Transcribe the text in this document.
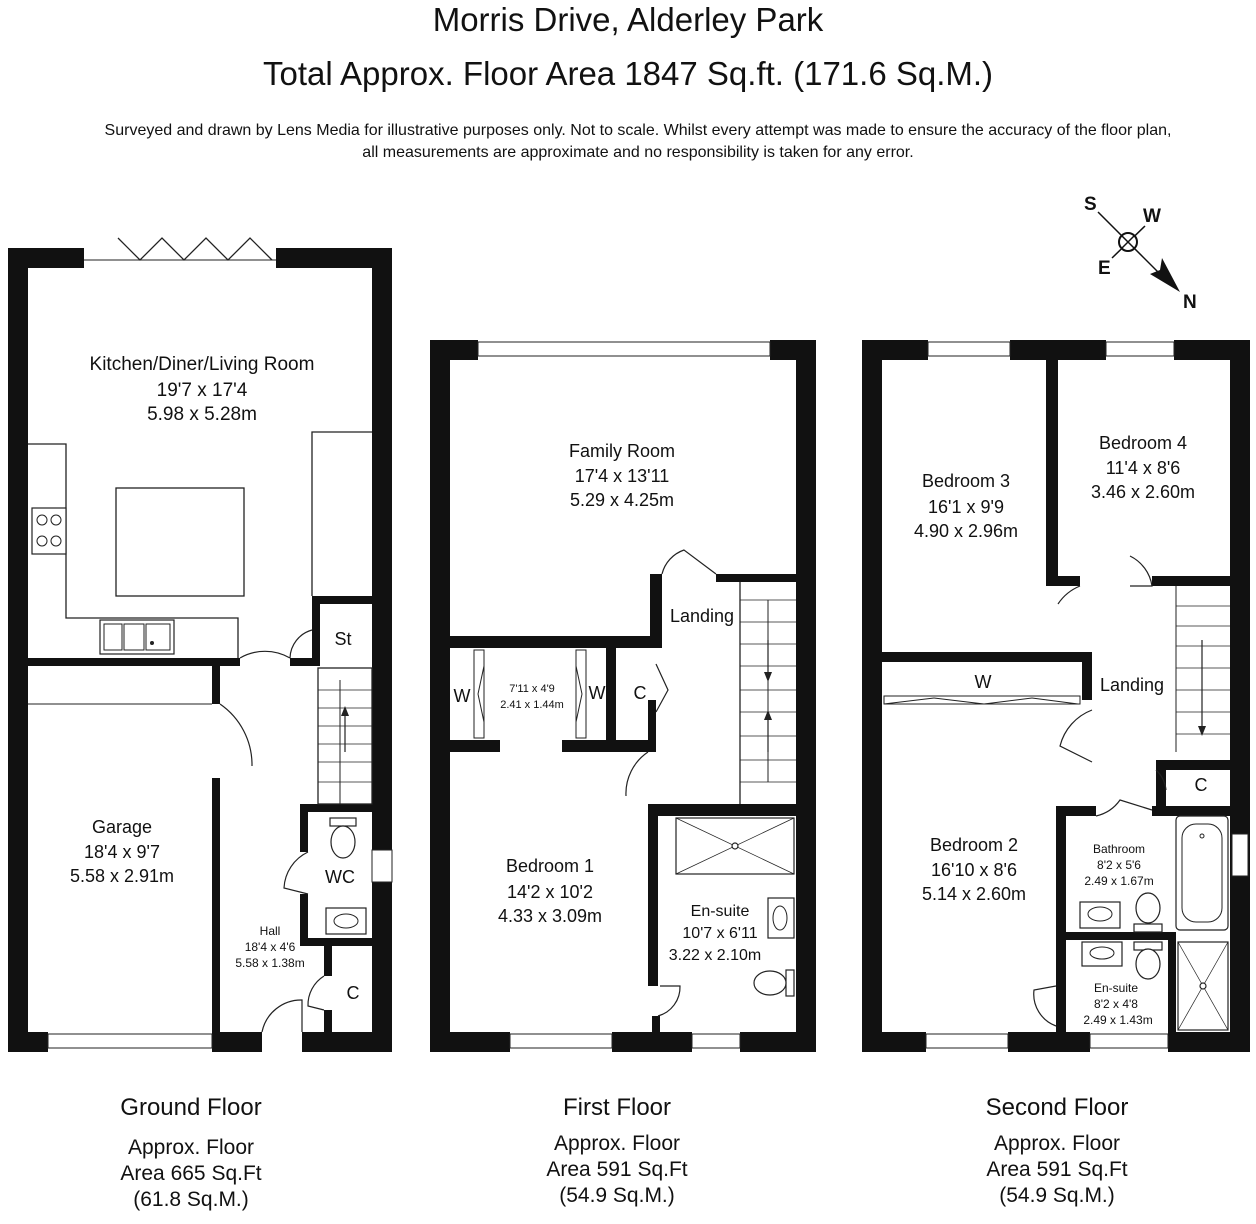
Morris Drive, Alderley Park
Total Approx. Floor Area 1847 Sq.ft. (171.6 Sq.M.)
Surveyed and drawn by Lens Media for illustrative purposes only. Not to scale. Whilst every attempt was made to ensure the accuracy of the floor plan,
all measurements are approximate and no responsibility is taken for any error.
S
W
E
N
Kitchen/Diner/Living Room
19'7 x 17'4
5.98 x 5.28m
St
Garage
18'4 x 9'7
5.58 x 2.91m	WC
Hall
18'4 x 4'6
5.58 x 1.38m
C
Family Room
17'4 x 13'11
5.29 x 4.25m
Landing
7'11 x 4'9
2.41 x 1.44m
W	W C
Bedroom 1
14'2 x 10'2
4.33 x 3.09m	En-suite
10'7 x 6'11
3.22 x 2.10m
Bedroom 3
16'1 x 9'9
4.90 x 2.96m
Bedroom 4
11'4 x 8'6
3.46 x 2.60m
Landing
W
C
Bedroom 2
16'10 x 8'6
5.14 x 2.60m
Bathroom
8'2 x 5'6
2.49 x 1.67m
En-suite
8'2 x 4'8
2.49 x 1.43m
Ground Floor
Approx. Floor
Area 665 Sq.Ft
(61.8 Sq.M.)
First Floor
Approx. Floor
Area 591 Sq.Ft
(54.9 Sq.M.)
Second Floor
Approx. Floor
Area 591 Sq.Ft
(54.9 Sq.M.)
